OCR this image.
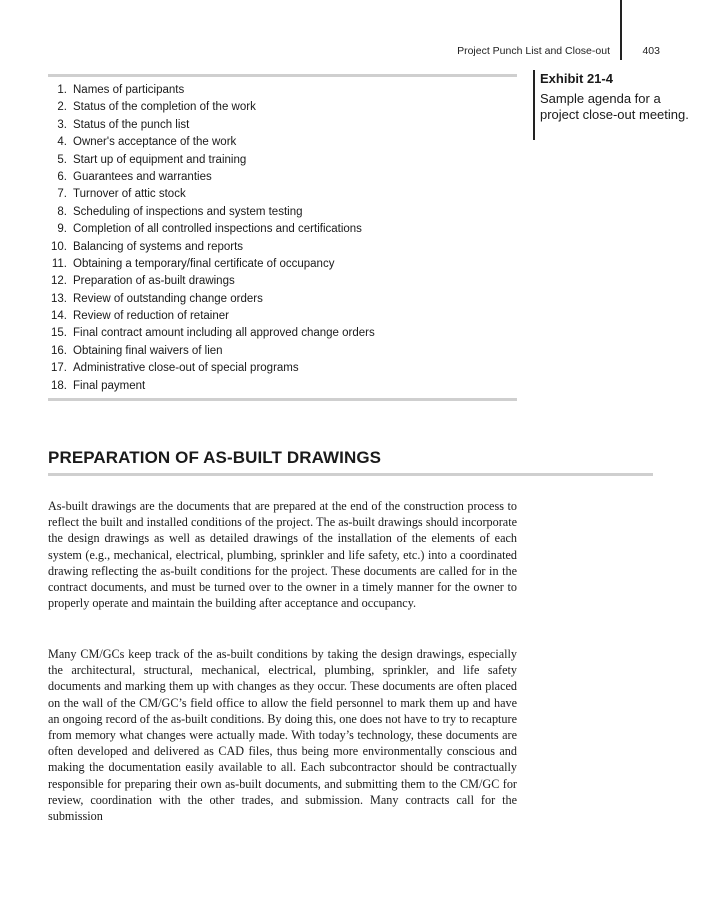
Project Punch List and Close-out	403
1. Names of participants
2. Status of the completion of the work
3. Status of the punch list
4. Owner's acceptance of the work
5. Start up of equipment and training
6. Guarantees and warranties
7. Turnover of attic stock
8. Scheduling of inspections and system testing
9. Completion of all controlled inspections and certifications
10. Balancing of systems and reports
11. Obtaining a temporary/final certificate of occupancy
12. Preparation of as-built drawings
13. Review of outstanding change orders
14. Review of reduction of retainer
15. Final contract amount including all approved change orders
16. Obtaining final waivers of lien
17. Administrative close-out of special programs
18. Final payment
Exhibit 21-4
Sample agenda for a project close-out meeting.
PREPARATION OF AS-BUILT DRAWINGS

As-built drawings are the documents that are prepared at the end of the construction process to reflect the built and installed conditions of the project. The as-built drawings should incorporate the design drawings as well as detailed drawings of the installation of the elements of each system (e.g., mechanical, electrical, plumbing, sprinkler and life safety, etc.) into a coordinated drawing reflecting the as-built conditions for the project. These documents are called for in the contract documents, and must be turned over to the owner in a timely manner for the owner to properly operate and maintain the building after acceptance and occupancy.

Many CM/GCs keep track of the as-built conditions by taking the design drawings, especially the architectural, structural, mechanical, electrical, plumbing, sprinkler, and life safety documents and marking them up with changes as they occur. These documents are often placed on the wall of the CM/GC’s field office to allow the field personnel to mark them up and have an ongoing record of the as-built conditions. By doing this, one does not have to try to recapture from memory what changes were actually made. With today’s technology, these documents are often developed and delivered as CAD files, thus being more environmentally conscious and making the documentation easily available to all. Each subcontractor should be contractually responsible for preparing their own as-built documents, and submitting them to the CM/GC for review, coordination with the other trades, and submission. Many contracts call for the submission
